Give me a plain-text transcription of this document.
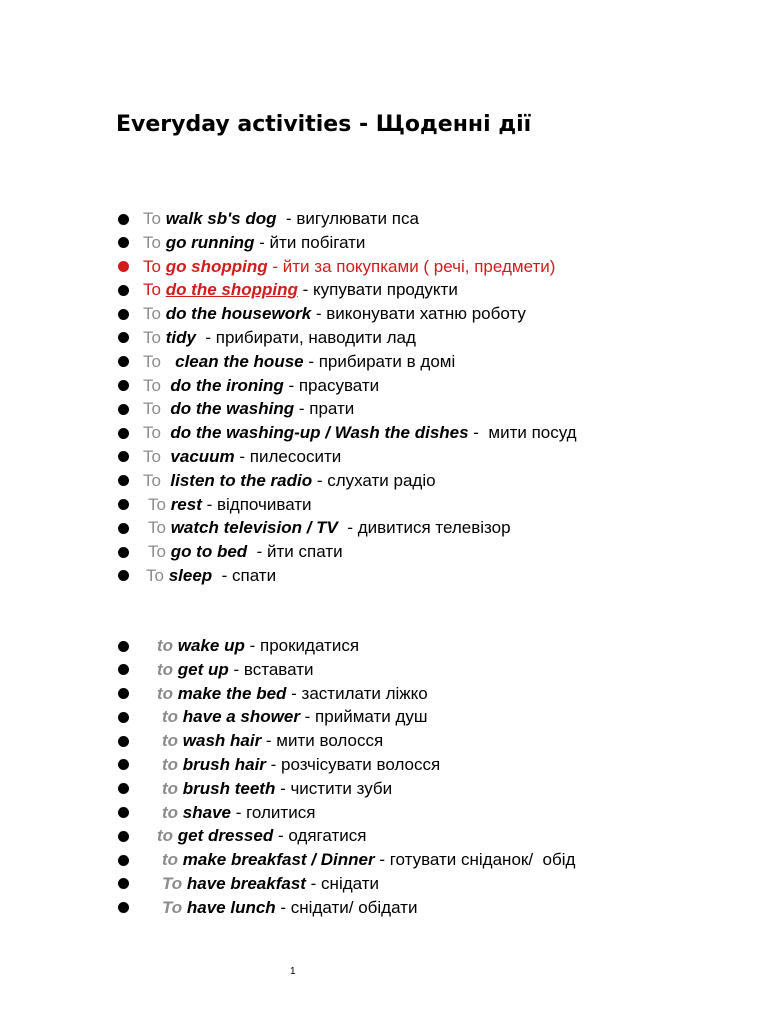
Everyday activities - Щоденні дії
To walk sb's dog  - вигулювати пса
To go running - йти побігати
To go shopping - йти за покупками ( речі, предмети)
To do the shopping - купувати продукти
To do the housework - виконувати хатню роботу
To tidy  - прибирати, наводити лад
To   clean the house - прибирати в домі
To  do the ironing - прасувати
To  do the washing - прати
To  do the washing-up / Wash the dishes -  мити посуд
To  vacuum - пилесосити
To  listen to the radio - слухати радіо
To rest - відпочивати
To watch television / TV  - дивитися телевізор
To go to bed  - йти спати
To sleep  - спати
to wake up - прокидатися
to get up - вставати
to make the bed - застилати ліжко
to have a shower - приймати душ
to wash hair - мити волосся
to brush hair - розчісувати волосся
to brush teeth - чистити зуби
to shave - голитися
to get dressed - одягатися
to make breakfast / Dinner - готувати сніданок/  обід
To have breakfast - снідати
To have lunch - снідати/ обідати
1
